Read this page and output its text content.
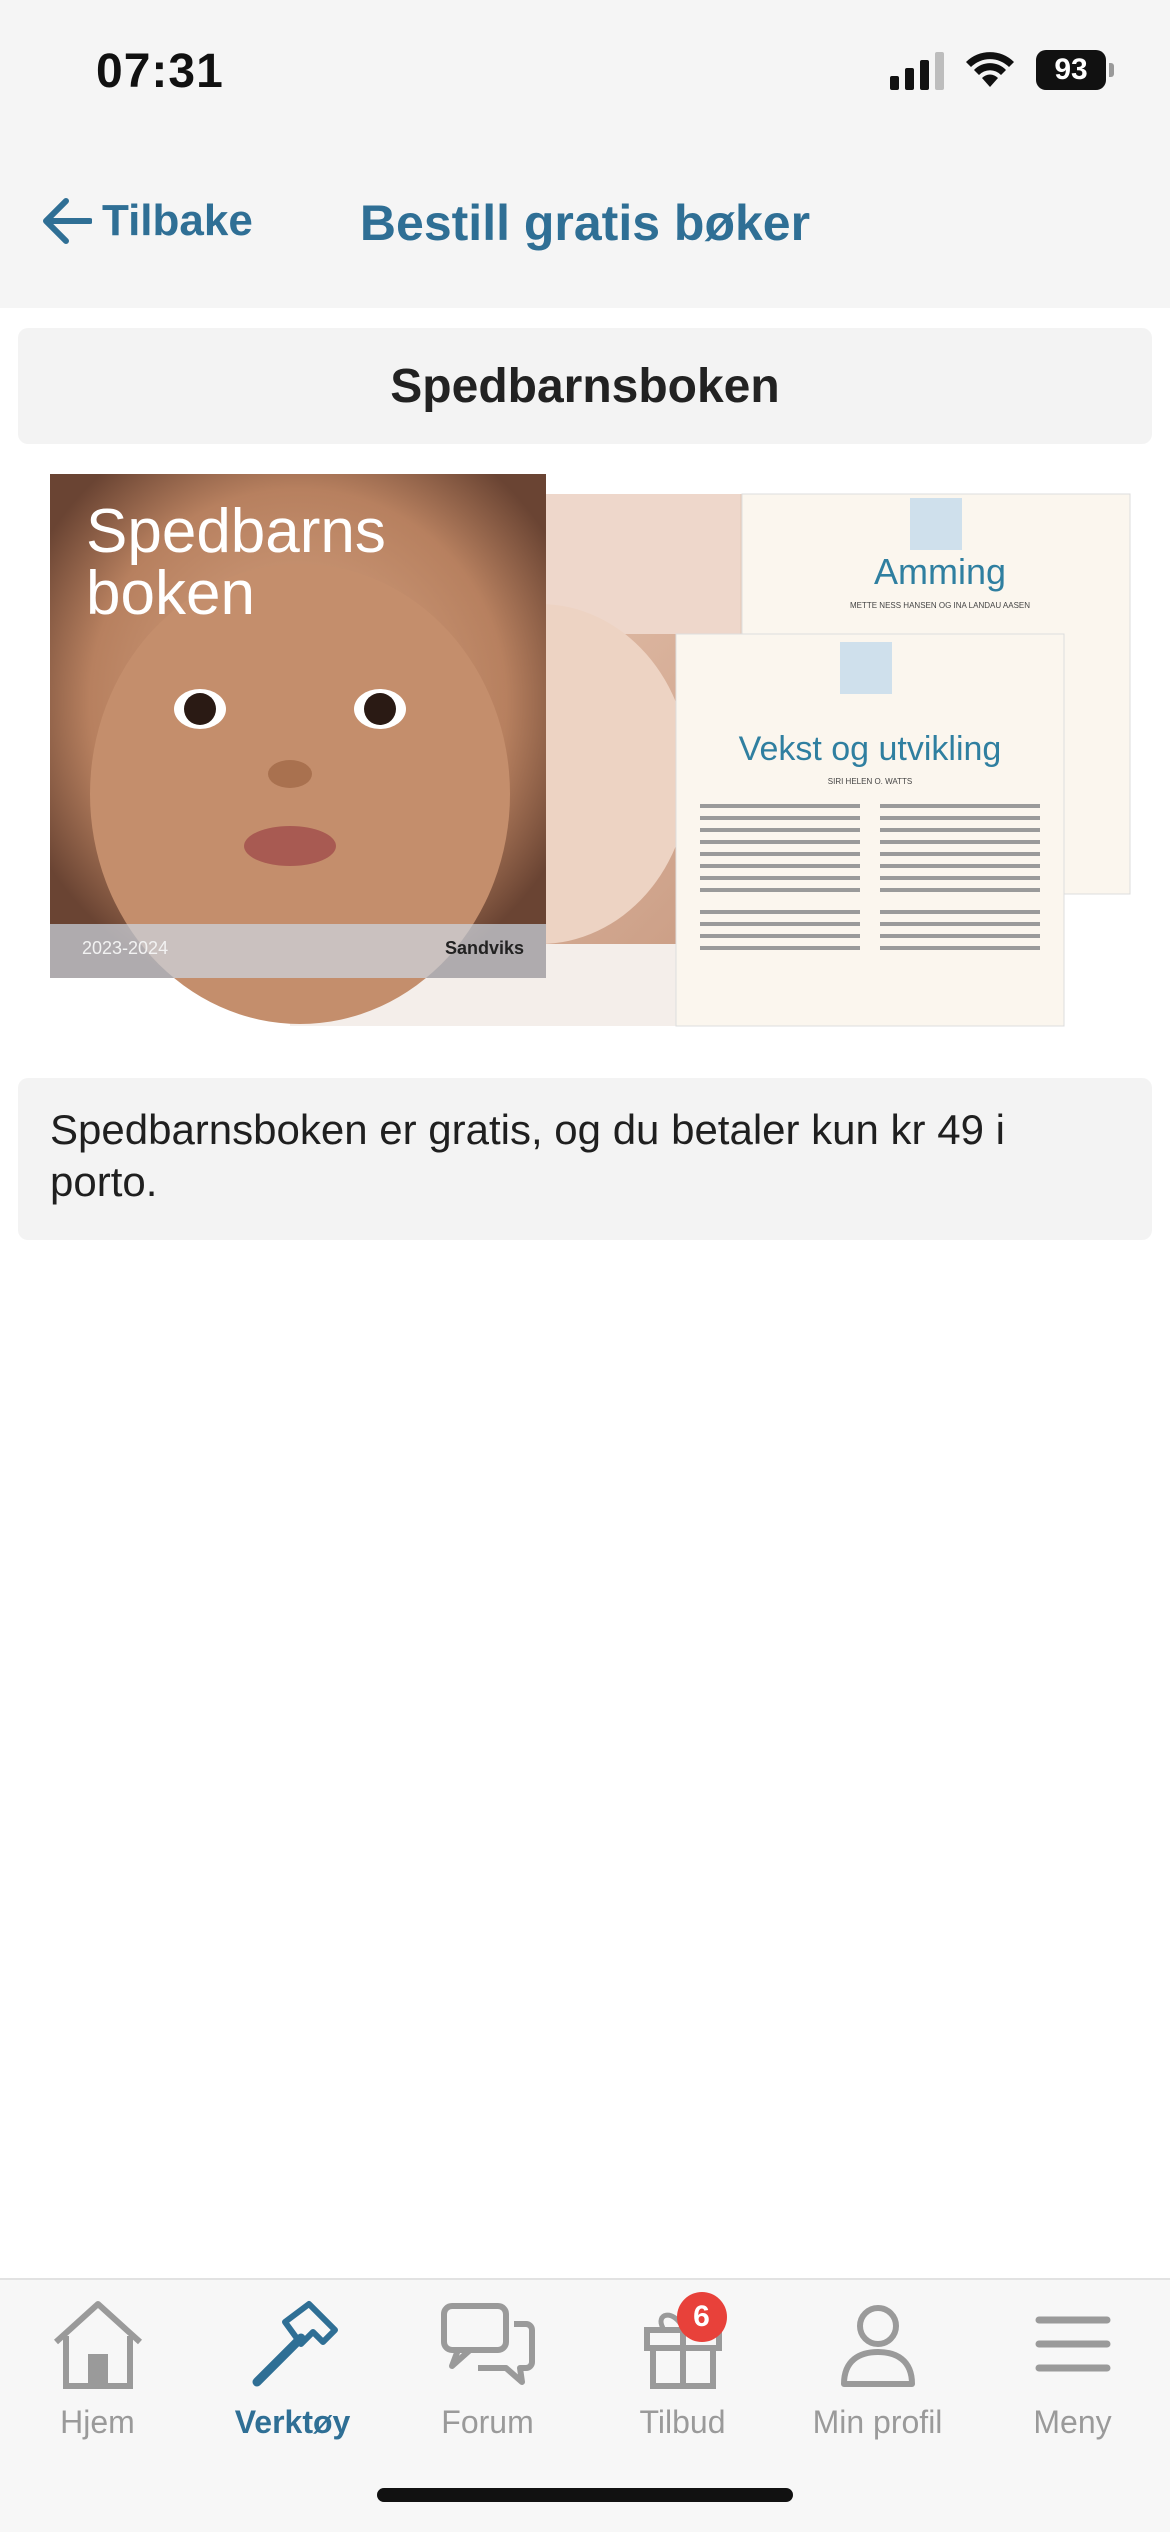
07:31	93
Tilbake	Bestill gratis bøker
Spedbarnsboken
Amming
METTE NESS HANSEN OG INA LANDAU AASEN
Vekst og utvikling
SIRI HELEN O. WATTS
Spedbarns
boken
2023-2024	Sandviks
Spedbarnsboken er gratis, og du betaler kun kr 49 i porto.
Hjem	Verktøy	Forum
6
Tilbud	Min profil	Meny
